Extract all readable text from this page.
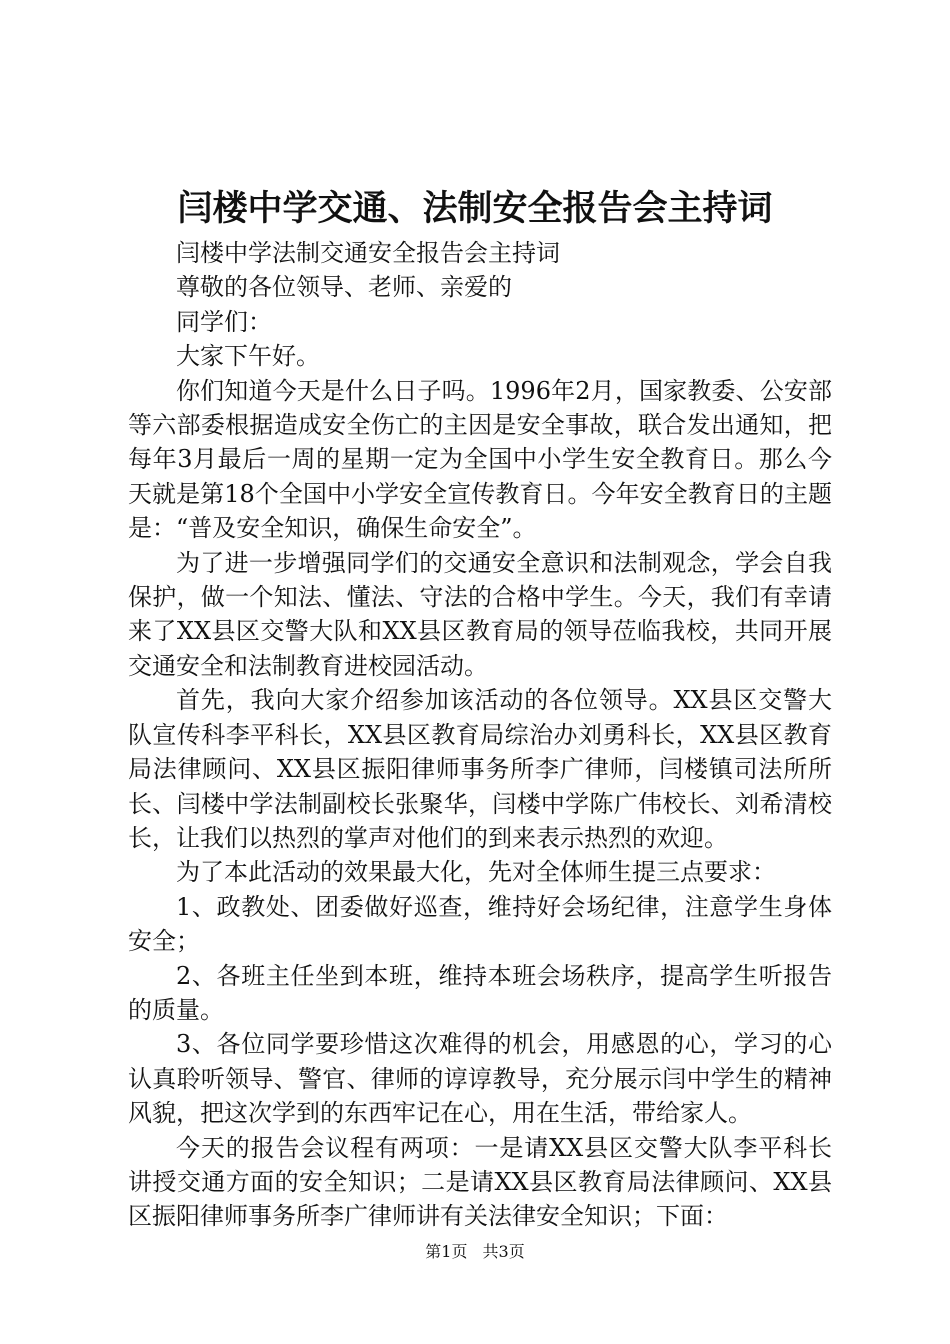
闫楼中学交通、法制安全报告会主持词

闫楼中学法制交通安全报告会主持词

尊敬的各位领导、老师、亲爱的

同学们：

大家下午好。

你们知道今天是什么日子吗。1996年2月，国家教委、公安部等六部委根据造成安全伤亡的主因是安全事故，联合发出通知，把每年3月最后一周的星期一定为全国中小学生安全教育日。那么今天就是第18个全国中小学安全宣传教育日。今年安全教育日的主题是：“普及安全知识，确保生命安全”。

为了进一步增强同学们的交通安全意识和法制观念，学会自我保护，做一个知法、懂法、守法的合格中学生。今天，我们有幸请来了XX县区交警大队和XX县区教育局的领导莅临我校，共同开展交通安全和法制教育进校园活动。

首先，我向大家介绍参加该活动的各位领导。XX县区交警大队宣传科李平科长，XX县区教育局综治办刘勇科长，XX县区教育局法律顾问、XX县区振阳律师事务所李广律师，闫楼镇司法所所长、闫楼中学法制副校长张聚华，闫楼中学陈广伟校长、刘希清校长，让我们以热烈的掌声对他们的到来表示热烈的欢迎。

为了本此活动的效果最大化，先对全体师生提三点要求：

1、政教处、团委做好巡查，维持好会场纪律，注意学生身体安全；

2、各班主任坐到本班，维持本班会场秩序，提高学生听报告的质量。

3、各位同学要珍惜这次难得的机会，用感恩的心，学习的心认真聆听领导、警官、律师的谆谆教导，充分展示闫中学生的精神风貌，把这次学到的东西牢记在心，用在生活，带给家人。

今天的报告会议程有两项：一是请XX县区交警大队李平科长讲授交通方面的安全知识；二是请XX县区教育局法律顾问、XX县区振阳律师事务所李广律师讲有关法律安全知识；下面：

第1页 共3页
